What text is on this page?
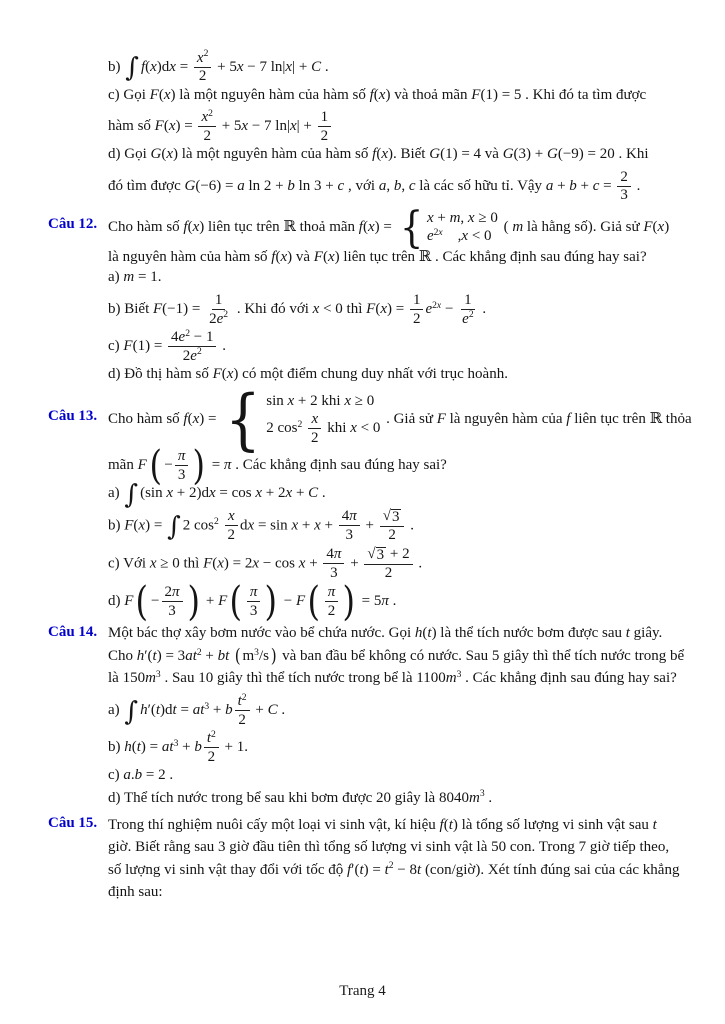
b) ∫ $f(x)dx = \frac{x^2}{2} + 5x - 7$ ln|x| + C .
c) Gọi F(x) là một nguyên hàm của hàm số f(x) và thoả mãn F(1) = 5 . Khi đó ta tìm được
hàm số $F(x) = \frac{x^2}{2} + 5x - 7$ $\ln|x| + \frac{1}{2}$
d) Gọi G(x) là một nguyên hàm của hàm số f(x). Biết G(1) = 4 và G(3) + G(−9) = 20 . Khi
đó tìm được G(−6) = a ln 2 + b ln 3 + c , với a, b, c là các số hữu tỉ. Vậy $a + b + c = \frac{2}{3}$ .
Câu 12. Cho hàm số f(x) liên tục trên ℝ thoả mãn f(x) = { x + m, x ≥ 0
$e^{2x}$    ,x < 0
( m là hằng số). Giả sử F(x)
là nguyên hàm của hàm số f(x) và F(x) liên tục trên ℝ . Các khẳng định sau đúng hay sai?
a) m = 1.
b) Biết $F(-1) = \frac{1}{2e^2}$ . Khi đó với x < 0 thì $F(x) = \frac{1}{2} e^{2x} - \frac{1}{e^2}$ .
c) $F(1) = \frac{4e^2 - 1}{2e^2}$ .
d) Đồ thị hàm số F(x) có một điểm chung duy nhất với trục hoành.
Câu 13. Cho hàm số f(x) = { sin x + 2 khi x ≥ 0
2 $\cos^2 \frac{x}{2}$ khi x < 0
. Giả sử F là nguyên hàm của f liên tục trên ℝ thỏa
mãn F ( − $\frac{\pi}{3}$ ) = π . Các khẳng định sau đúng hay sai?
a) ∫ (sin x + 2)dx = cos x + 2x + C .
b) F(x) = ∫ 2 $\cos^2 \frac{x}{2}$ dx = $\sin x + x + \frac{4\pi}{3} + \frac{√ 3}{2}$ .
c) Với x ≥ 0 thì $F(x) = 2x - \cos x + \frac{4\pi}{3} + \frac{√ 3 + 2}{2}$ .
d) F ( − $\frac{2\pi}{3}$ ) + F ( $\frac{\pi}{3}$ ) − F ( $\frac{\pi}{2}$ ) = 5π .
Câu 14. Một bác thợ xây bơm nước vào bể chứa nước. Gọi h(t) là thể tích nước bơm được sau t giây.
Cho $h'(t) = 3at^2$ + bt ( $m^3/s$ ) và ban đầu bể không có nước. Sau 5 giây thì thể tích nước trong bể
là $150m^3$ . Sau 10 giây thì thể tích nước trong bể là $1100m^3$ . Các khẳng định sau đúng hay sai?
a) ∫ $h'(t)dt = at^3 + b \frac{t^2}{2} + C$ .
b) $h(t) = at^3 + b \frac{t^2}{2} + 1$.
c) a.b = 2 .
d) Thể tích nước trong bể sau khi bơm được 20 giây là $8040m^3$ .
Câu 15. Trong thí nghiệm nuôi cấy một loại vi sinh vật, kí hiệu f(t) là tổng số lượng vi sinh vật sau t
giờ. Biết rằng sau 3 giờ đầu tiên thì tổng số lượng vi sinh vật là 50 con. Trong 7 giờ tiếp theo,
số lượng vi sinh vật thay đổi với tốc độ $f'(t) = t^2 - 8t$ (con/giờ). Xét tính đúng sai của các khẳng
định sau:
Trang 4
